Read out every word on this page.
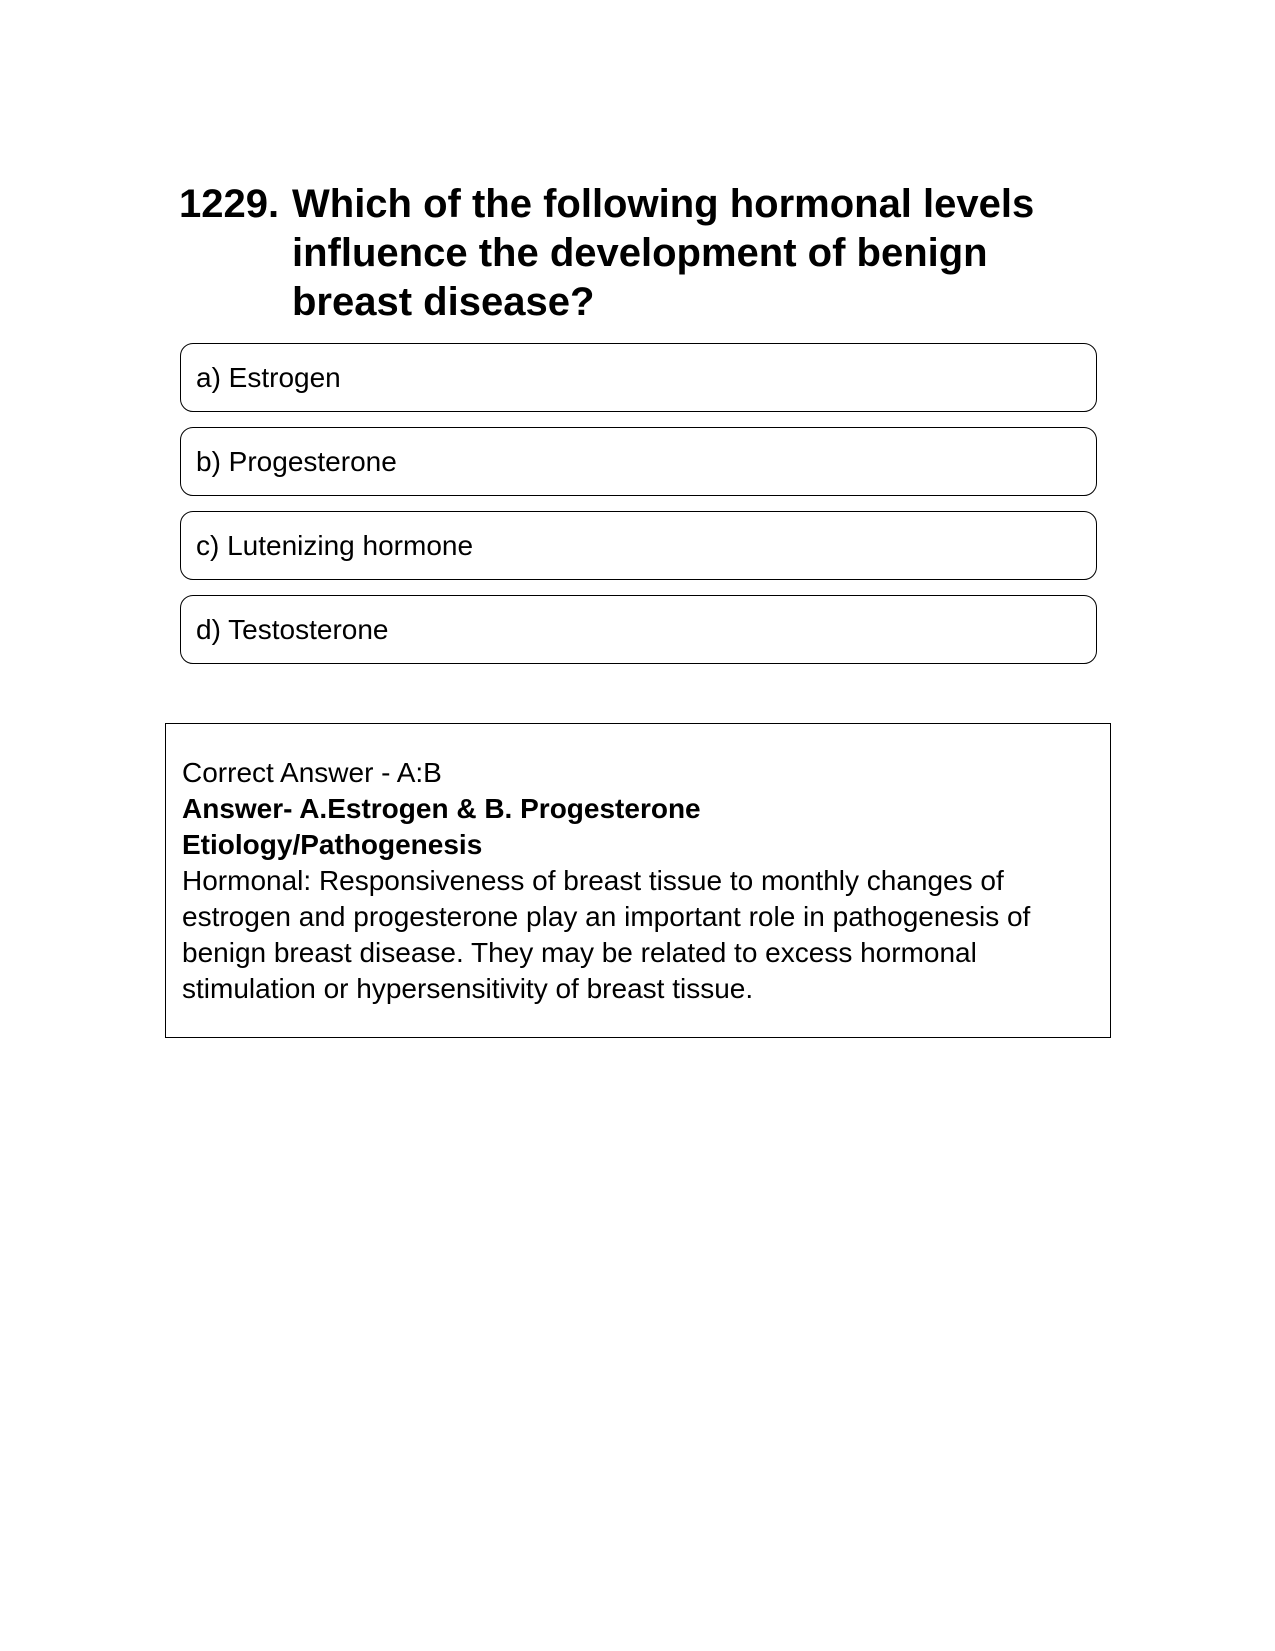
1229. Which of the following hormonal levels influence the development of benign breast disease?
a) Estrogen
b) Progesterone
c) Lutenizing hormone
d) Testosterone
Correct Answer - A:B
Answer- A.Estrogen & B. Progesterone
Etiology/Pathogenesis
Hormonal: Responsiveness of breast tissue to monthly changes of estrogen and progesterone play an important role in pathogenesis of benign breast disease. They may be related to excess hormonal stimulation or hypersensitivity of breast tissue.
